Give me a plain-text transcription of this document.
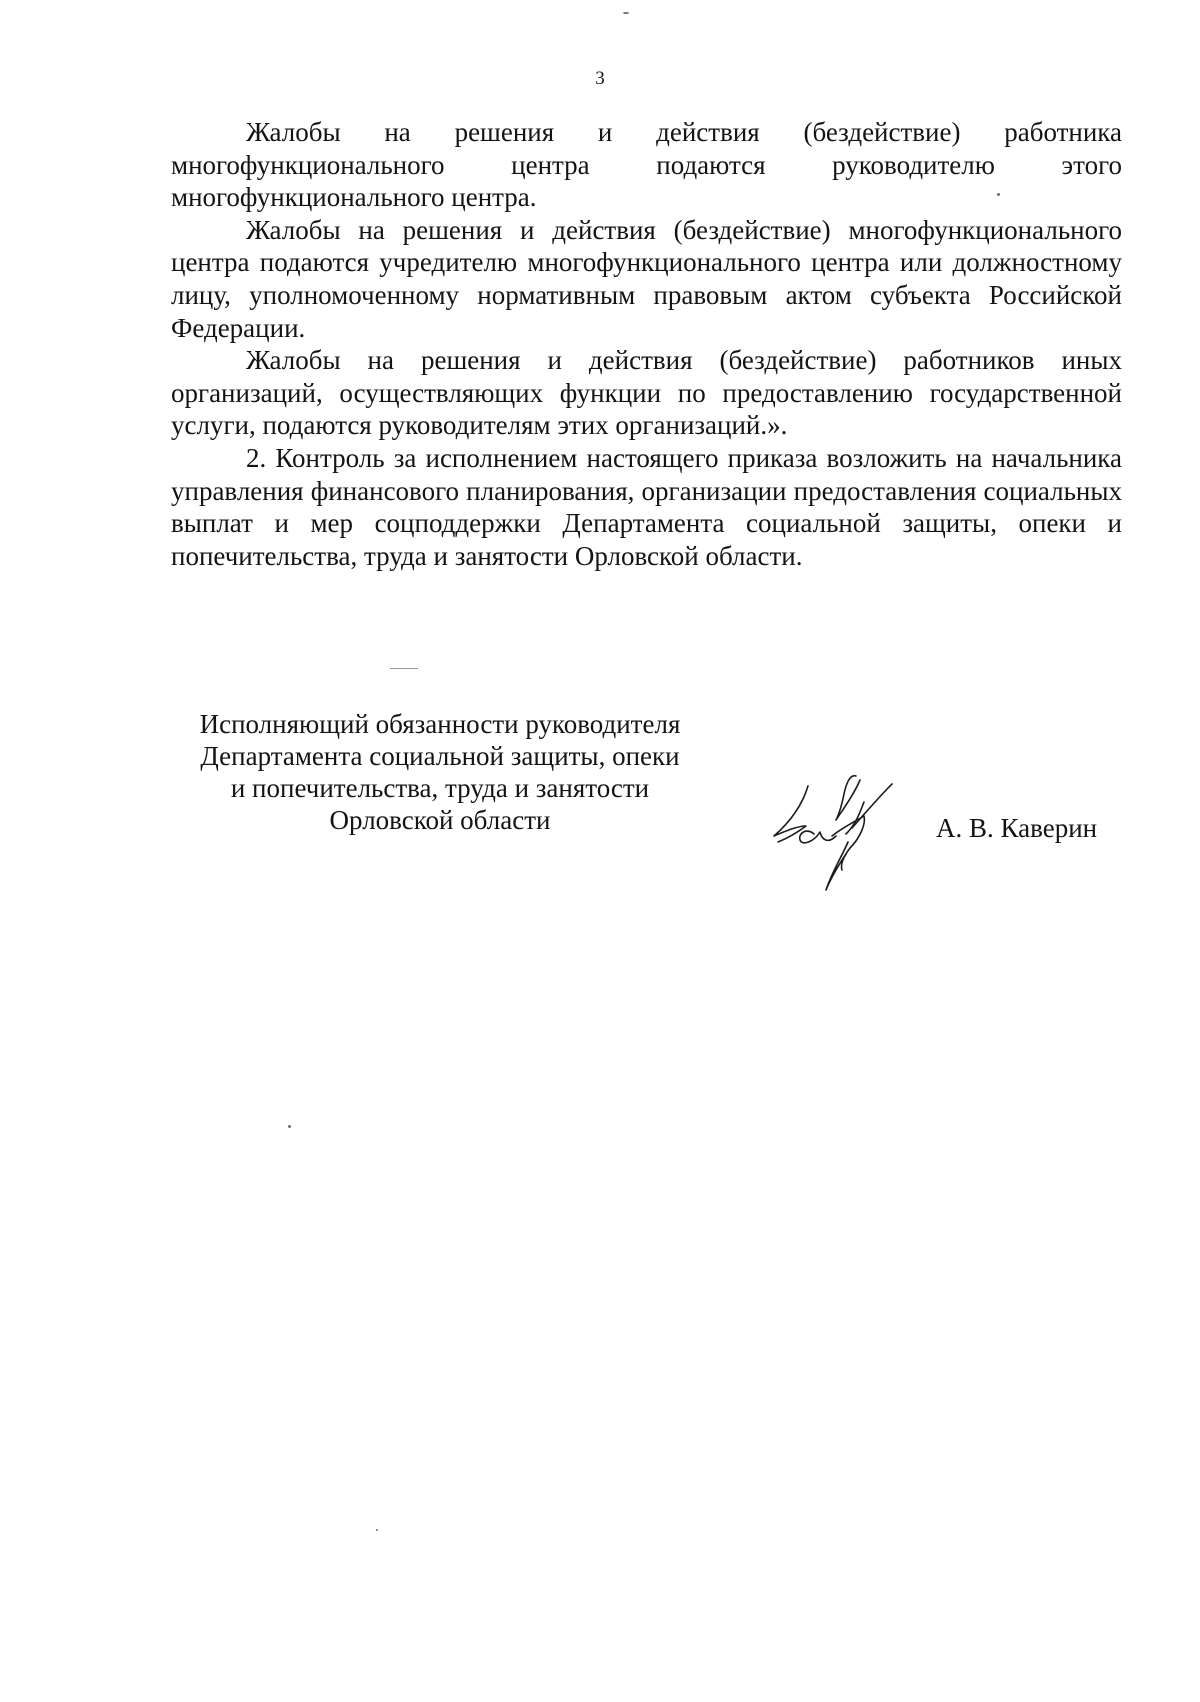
3

Жалобы на решения и действия (бездействие) работника многофункционального центра подаются руководителю этого многофункционального центра.

Жалобы на решения и действия (бездействие) многофункционального центра подаются учредителю многофункционального центра или должностному лицу, уполномоченному нормативным правовым актом субъекта Российской Федерации.

Жалобы на решения и действия (бездействие) работников иных организаций, осуществляющих функции по предоставлению государственной услуги, подаются руководителям этих организаций.».

2. Контроль за исполнением настоящего приказа возложить на начальника управления финансового планирования, организации предоставления социальных выплат и мер соцподдержки Департамента социальной защиты, опеки и попечительства, труда и занятости Орловской области.

Исполняющий обязанности руководителя
Департамента социальной защиты, опеки
и попечительства, труда и занятости
Орловской области	А. В. Каверин
